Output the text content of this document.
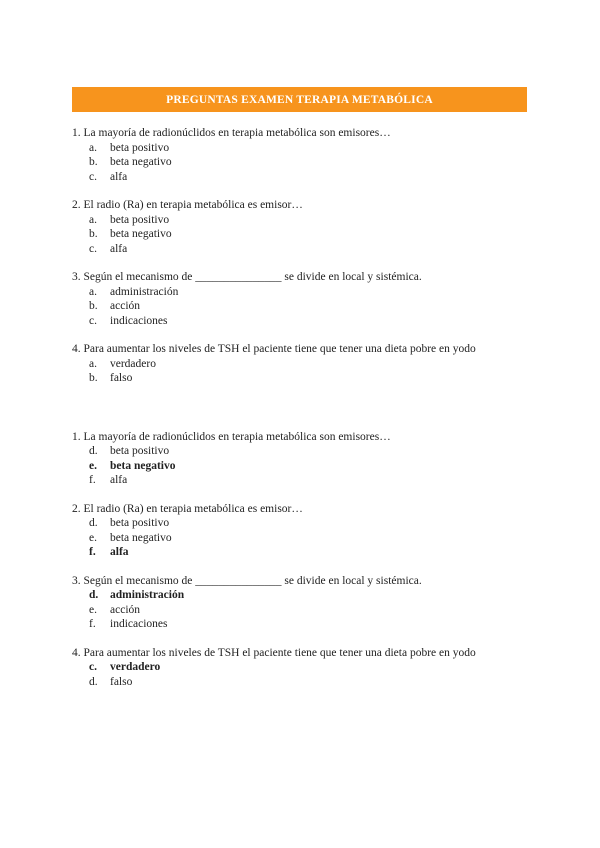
PREGUNTAS EXAMEN TERAPIA METABÓLICA
1. La mayoría de radionúclidos en terapia metabólica son emisores…
a.	beta positivo
b.	beta negativo
c.	alfa
2. El radio (Ra) en terapia metabólica es emisor…
a.	beta positivo
b.	beta negativo
c.	alfa
3. Según el mecanismo de _______________ se divide en local y sistémica.
a.	administración
b.	acción
c.	indicaciones
4. Para aumentar los niveles de TSH el paciente tiene que tener una dieta pobre en yodo
a.	verdadero
b.	falso
1. La mayoría de radionúclidos en terapia metabólica son emisores…
d.	beta positivo
e.	beta negativo
f.	alfa
2. El radio (Ra) en terapia metabólica es emisor…
d.	beta positivo
e.	beta negativo
f.	alfa
3. Según el mecanismo de _______________ se divide en local y sistémica.
d.	administración
e.	acción
f.	indicaciones
4. Para aumentar los niveles de TSH el paciente tiene que tener una dieta pobre en yodo
c.	verdadero
d.	falso
